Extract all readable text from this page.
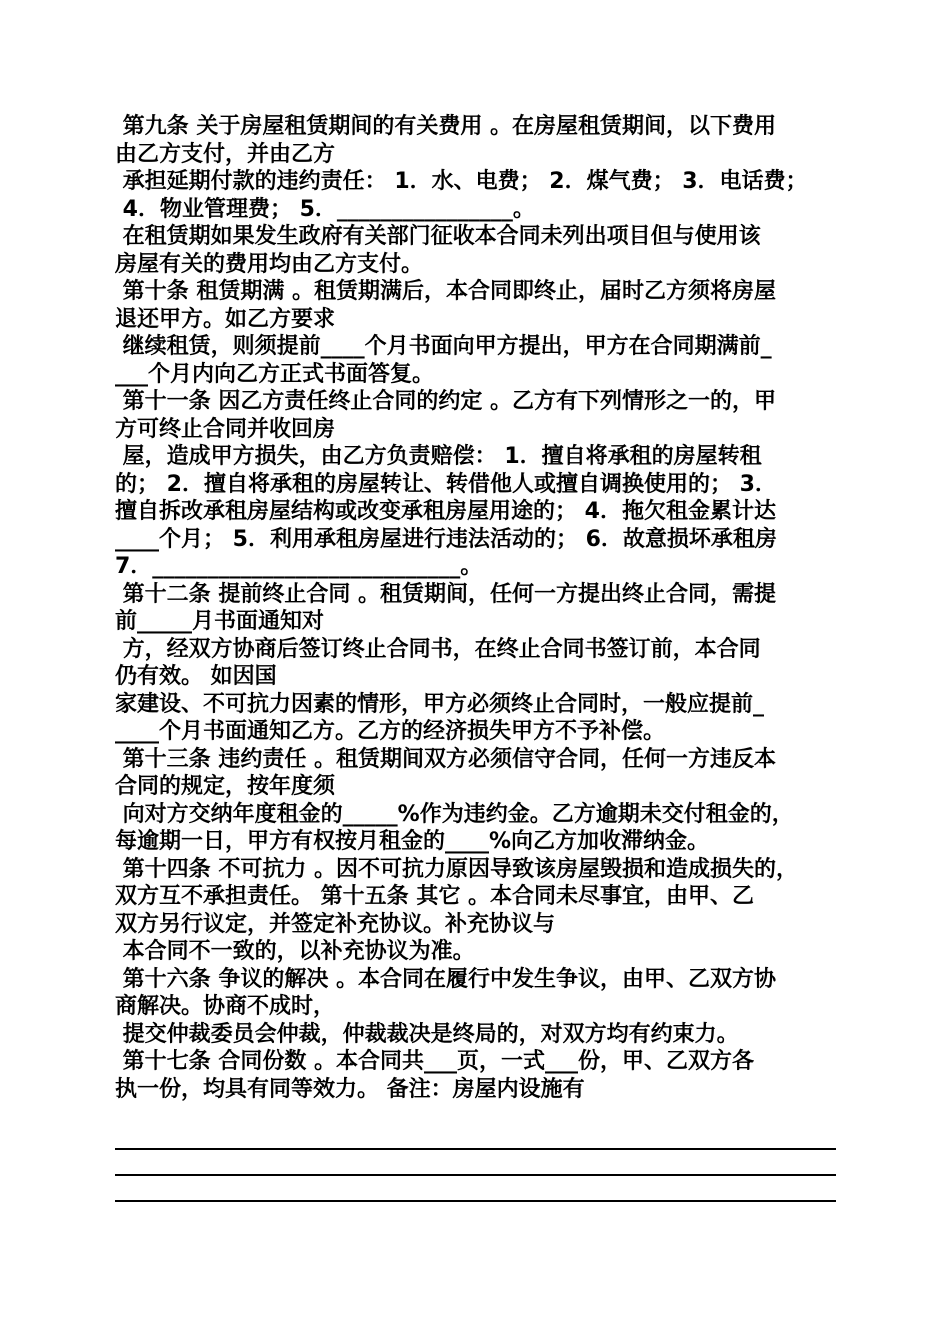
第九条 关于房屋租赁期间的有关费用 。在房屋租赁期间，以下费用
由乙方支付，并由乙方
承担延期付款的违约责任： 1．水、电费； 2．煤气费； 3．电话费；
4．物业管理费； 5．________________。
在租赁期如果发生政府有关部门征收本合同未列出项目但与使用该
房屋有关的费用均由乙方支付。
第十条 租赁期满 。租赁期满后，本合同即终止，届时乙方须将房屋
退还甲方。如乙方要求
继续租赁，则须提前____个月书面向甲方提出，甲方在合同期满前_
___个月内向乙方正式书面答复。
第十一条 因乙方责任终止合同的约定 。乙方有下列情形之一的，甲
方可终止合同并收回房
屋，造成甲方损失，由乙方负责赔偿： 1．擅自将承租的房屋转租
的； 2．擅自将承租的房屋转让、转借他人或擅自调换使用的； 3．
擅自拆改承租房屋结构或改变承租房屋用途的； 4．拖欠租金累计达
____个月； 5．利用承租房屋进行违法活动的； 6．故意损坏承租房
7．____________________________。
第十二条 提前终止合同 。租赁期间，任何一方提出终止合同，需提
前_____月书面通知对
方，经双方协商后签订终止合同书，在终止合同书签订前，本合同
仍有效。 如因国
家建设、不可抗力因素的情形，甲方必须终止合同时，一般应提前_
____个月书面通知乙方。乙方的经济损失甲方不予补偿。
第十三条 违约责任 。租赁期间双方必须信守合同，任何一方违反本
合同的规定，按年度须
向对方交纳年度租金的_____%作为违约金。乙方逾期未交付租金的，
每逾期一日，甲方有权按月租金的____%向乙方加收滞纳金。
第十四条 不可抗力 。因不可抗力原因导致该房屋毁损和造成损失的，
双方互不承担责任。 第十五条 其它 。本合同未尽事宜，由甲、乙
双方另行议定，并签定补充协议。补充协议与
本合同不一致的，以补充协议为准。
第十六条 争议的解决 。本合同在履行中发生争议，由甲、乙双方协
商解决。协商不成时，
提交仲裁委员会仲裁，仲裁裁决是终局的，对双方均有约束力。
第十七条 合同份数 。本合同共___页，一式___份，甲、乙双方各
执一份，均具有同等效力。 备注：房屋内设施有
